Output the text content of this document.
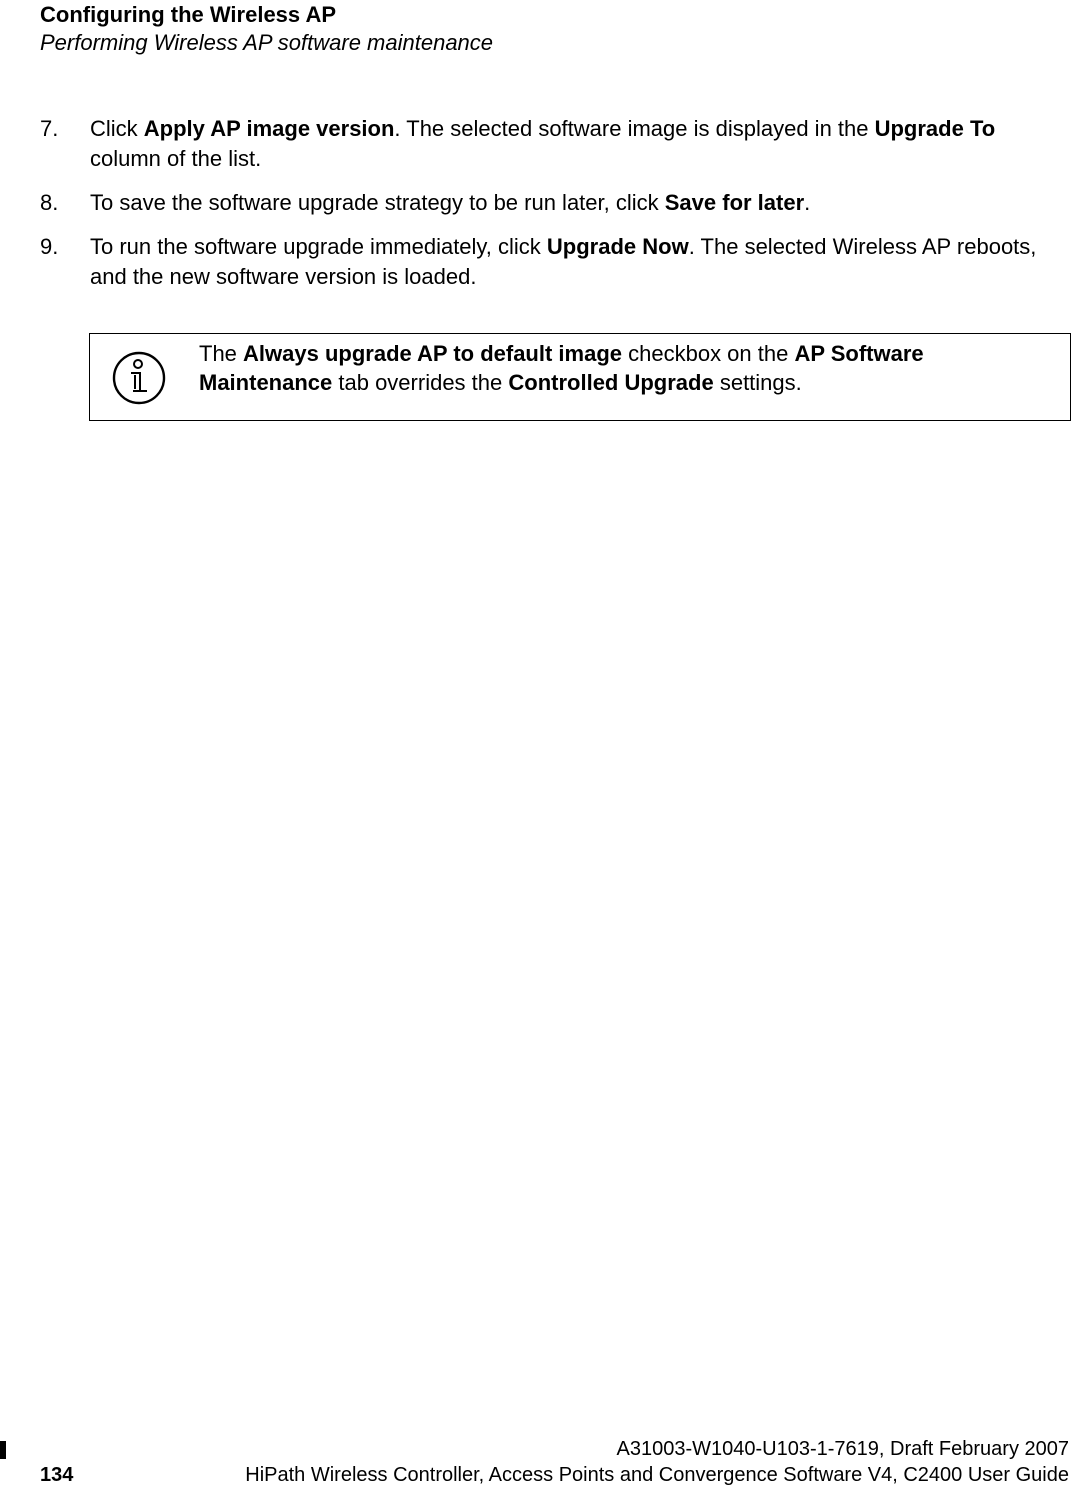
Configuring the Wireless AP
Performing Wireless AP software maintenance
7. Click Apply AP image version. The selected software image is displayed in the Upgrade To column of the list.
8. To save the software upgrade strategy to be run later, click Save for later.
9. To run the software upgrade immediately, click Upgrade Now. The selected Wireless AP reboots, and the new software version is loaded.
The Always upgrade AP to default image checkbox on the AP Software Maintenance tab overrides the Controlled Upgrade settings.
A31003-W1040-U103-1-7619, Draft February 2007
134	HiPath Wireless Controller, Access Points and Convergence Software V4, C2400 User Guide
